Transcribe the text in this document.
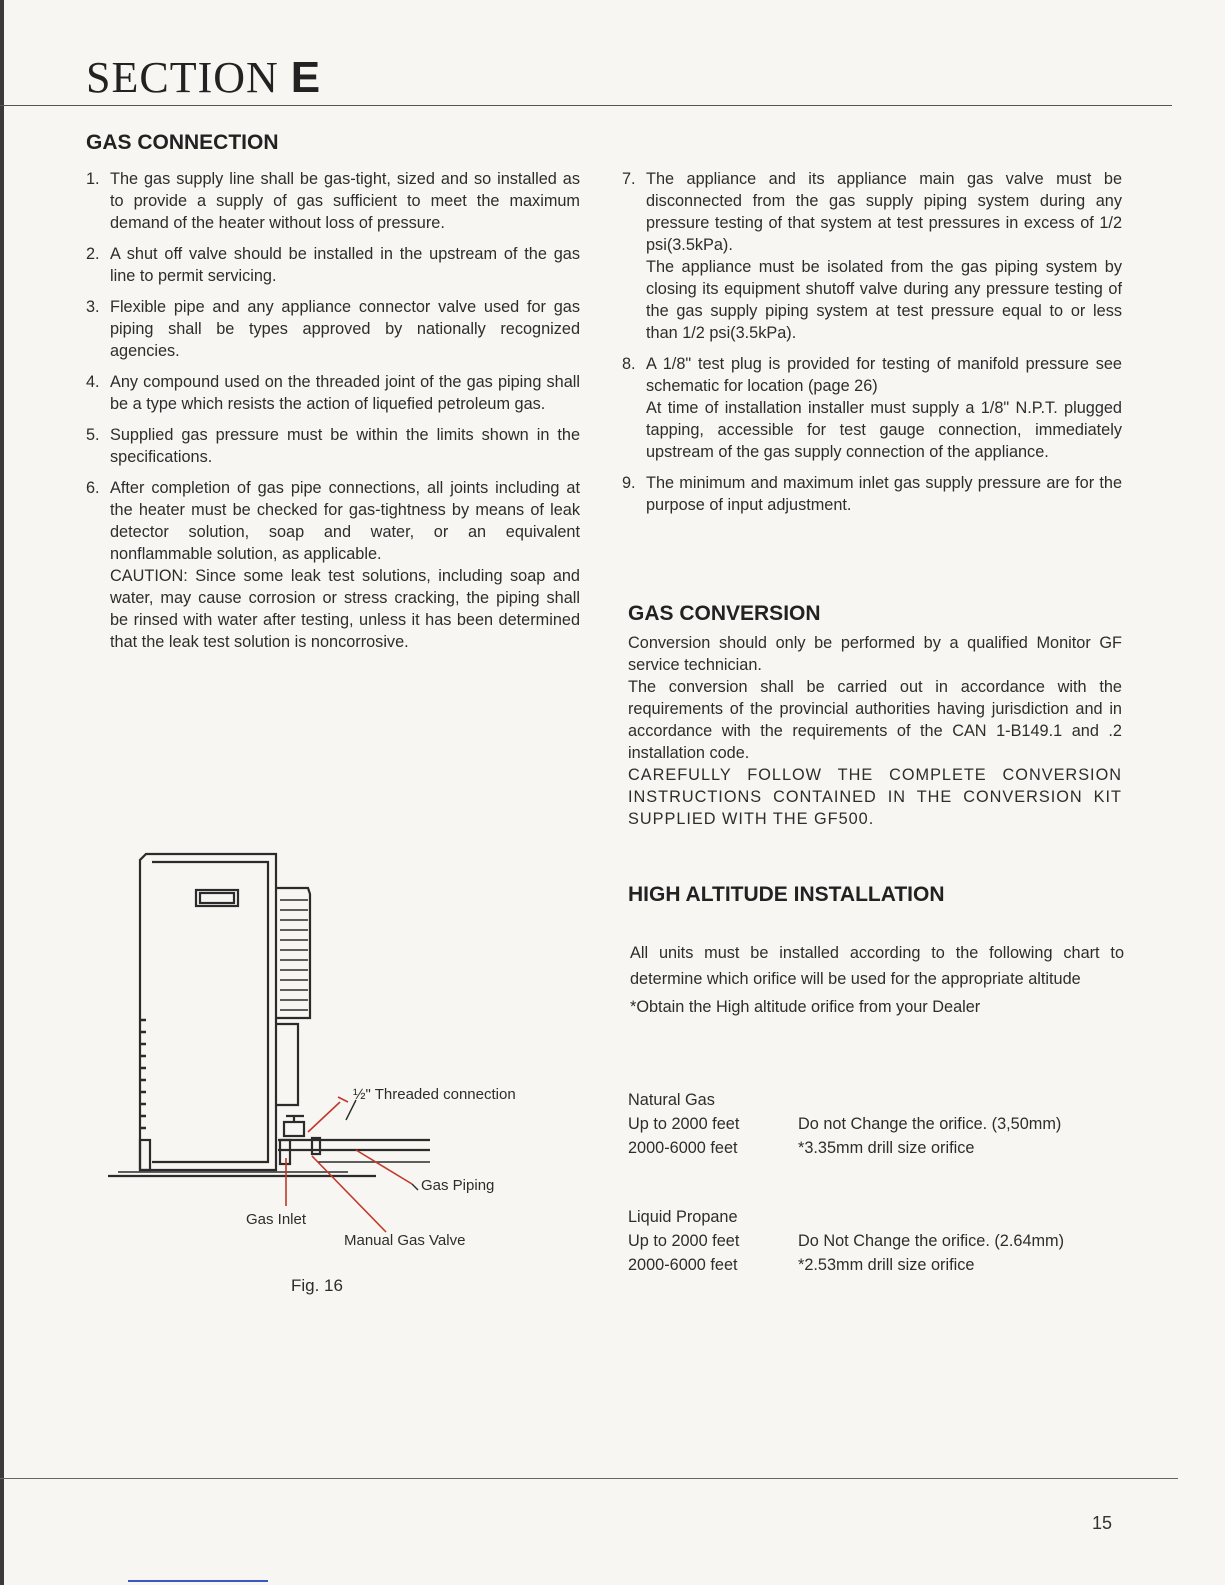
SECTION E
GAS CONNECTION
1. The gas supply line shall be gas-tight, sized and so installed as to provide a supply of gas sufficient to meet the maximum demand of the heater without loss of pressure.

2. A shut off valve should be installed in the upstream of the gas line to permit servicing.

3. Flexible pipe and any appliance connector valve used for gas piping shall be types approved by nationally recognized agencies.

4. Any compound used on the threaded joint of the gas piping shall be a type which resists the action of liquefied petroleum gas.

5. Supplied gas pressure must be within the limits shown in the specifications.

6. After completion of gas pipe connections, all joints including at the heater must be checked for gas-tightness by means of leak detector solution, soap and water, or an equivalent nonflammable solution, as applicable.

CAUTION: Since some leak test solutions, including soap and water, may cause corrosion or stress cracking, the piping shall be rinsed with water after testing, unless it has been determined that the leak test solution is noncorrosive.

½" Threaded connection
Gas Piping
Gas Inlet
Manual Gas Valve
Fig. 16
7. The appliance and its appliance main gas valve must be disconnected from the gas supply piping system during any pressure testing of that system at test pressures in excess of 1/2 psi(3.5kPa).

The appliance must be isolated from the gas piping system by closing its equipment shutoff valve during any pressure testing of the gas supply piping system at test pressure equal to or less than 1/2 psi(3.5kPa).

8. A 1/8" test plug is provided for testing of manifold pressure see schematic for location (page 26)

At time of installation installer must supply a 1/8" N.P.T. plugged tapping, accessible for test gauge connection, immediately upstream of the gas supply connection of the appliance.

9. The minimum and maximum inlet gas supply pressure are for the purpose of input adjustment.

GAS CONVERSION

Conversion should only be performed by a qualified Monitor GF service technician.

The conversion shall be carried out in accordance with the requirements of the provincial authorities having jurisdiction and in accordance with the requirements of the CAN 1-B149.1 and .2 installation code.

CAREFULLY FOLLOW THE COMPLETE CONVERSION INSTRUCTIONS CONTAINED IN THE CONVERSION KIT SUPPLIED WITH THE GF500.

HIGH ALTITUDE INSTALLATION

All units must be installed according to the following chart to determine which orifice will be used for the appropriate altitude

*Obtain the High altitude orifice from your Dealer

Natural Gas
Up to 2000 feet	Do not Change the orifice. (3,50mm)
2000-6000 feet	*3.35mm drill size orifice
Liquid Propane
Up to 2000 feet	Do Not Change the orifice. (2.64mm)
2000-6000 feet	*2.53mm drill size orifice
15
